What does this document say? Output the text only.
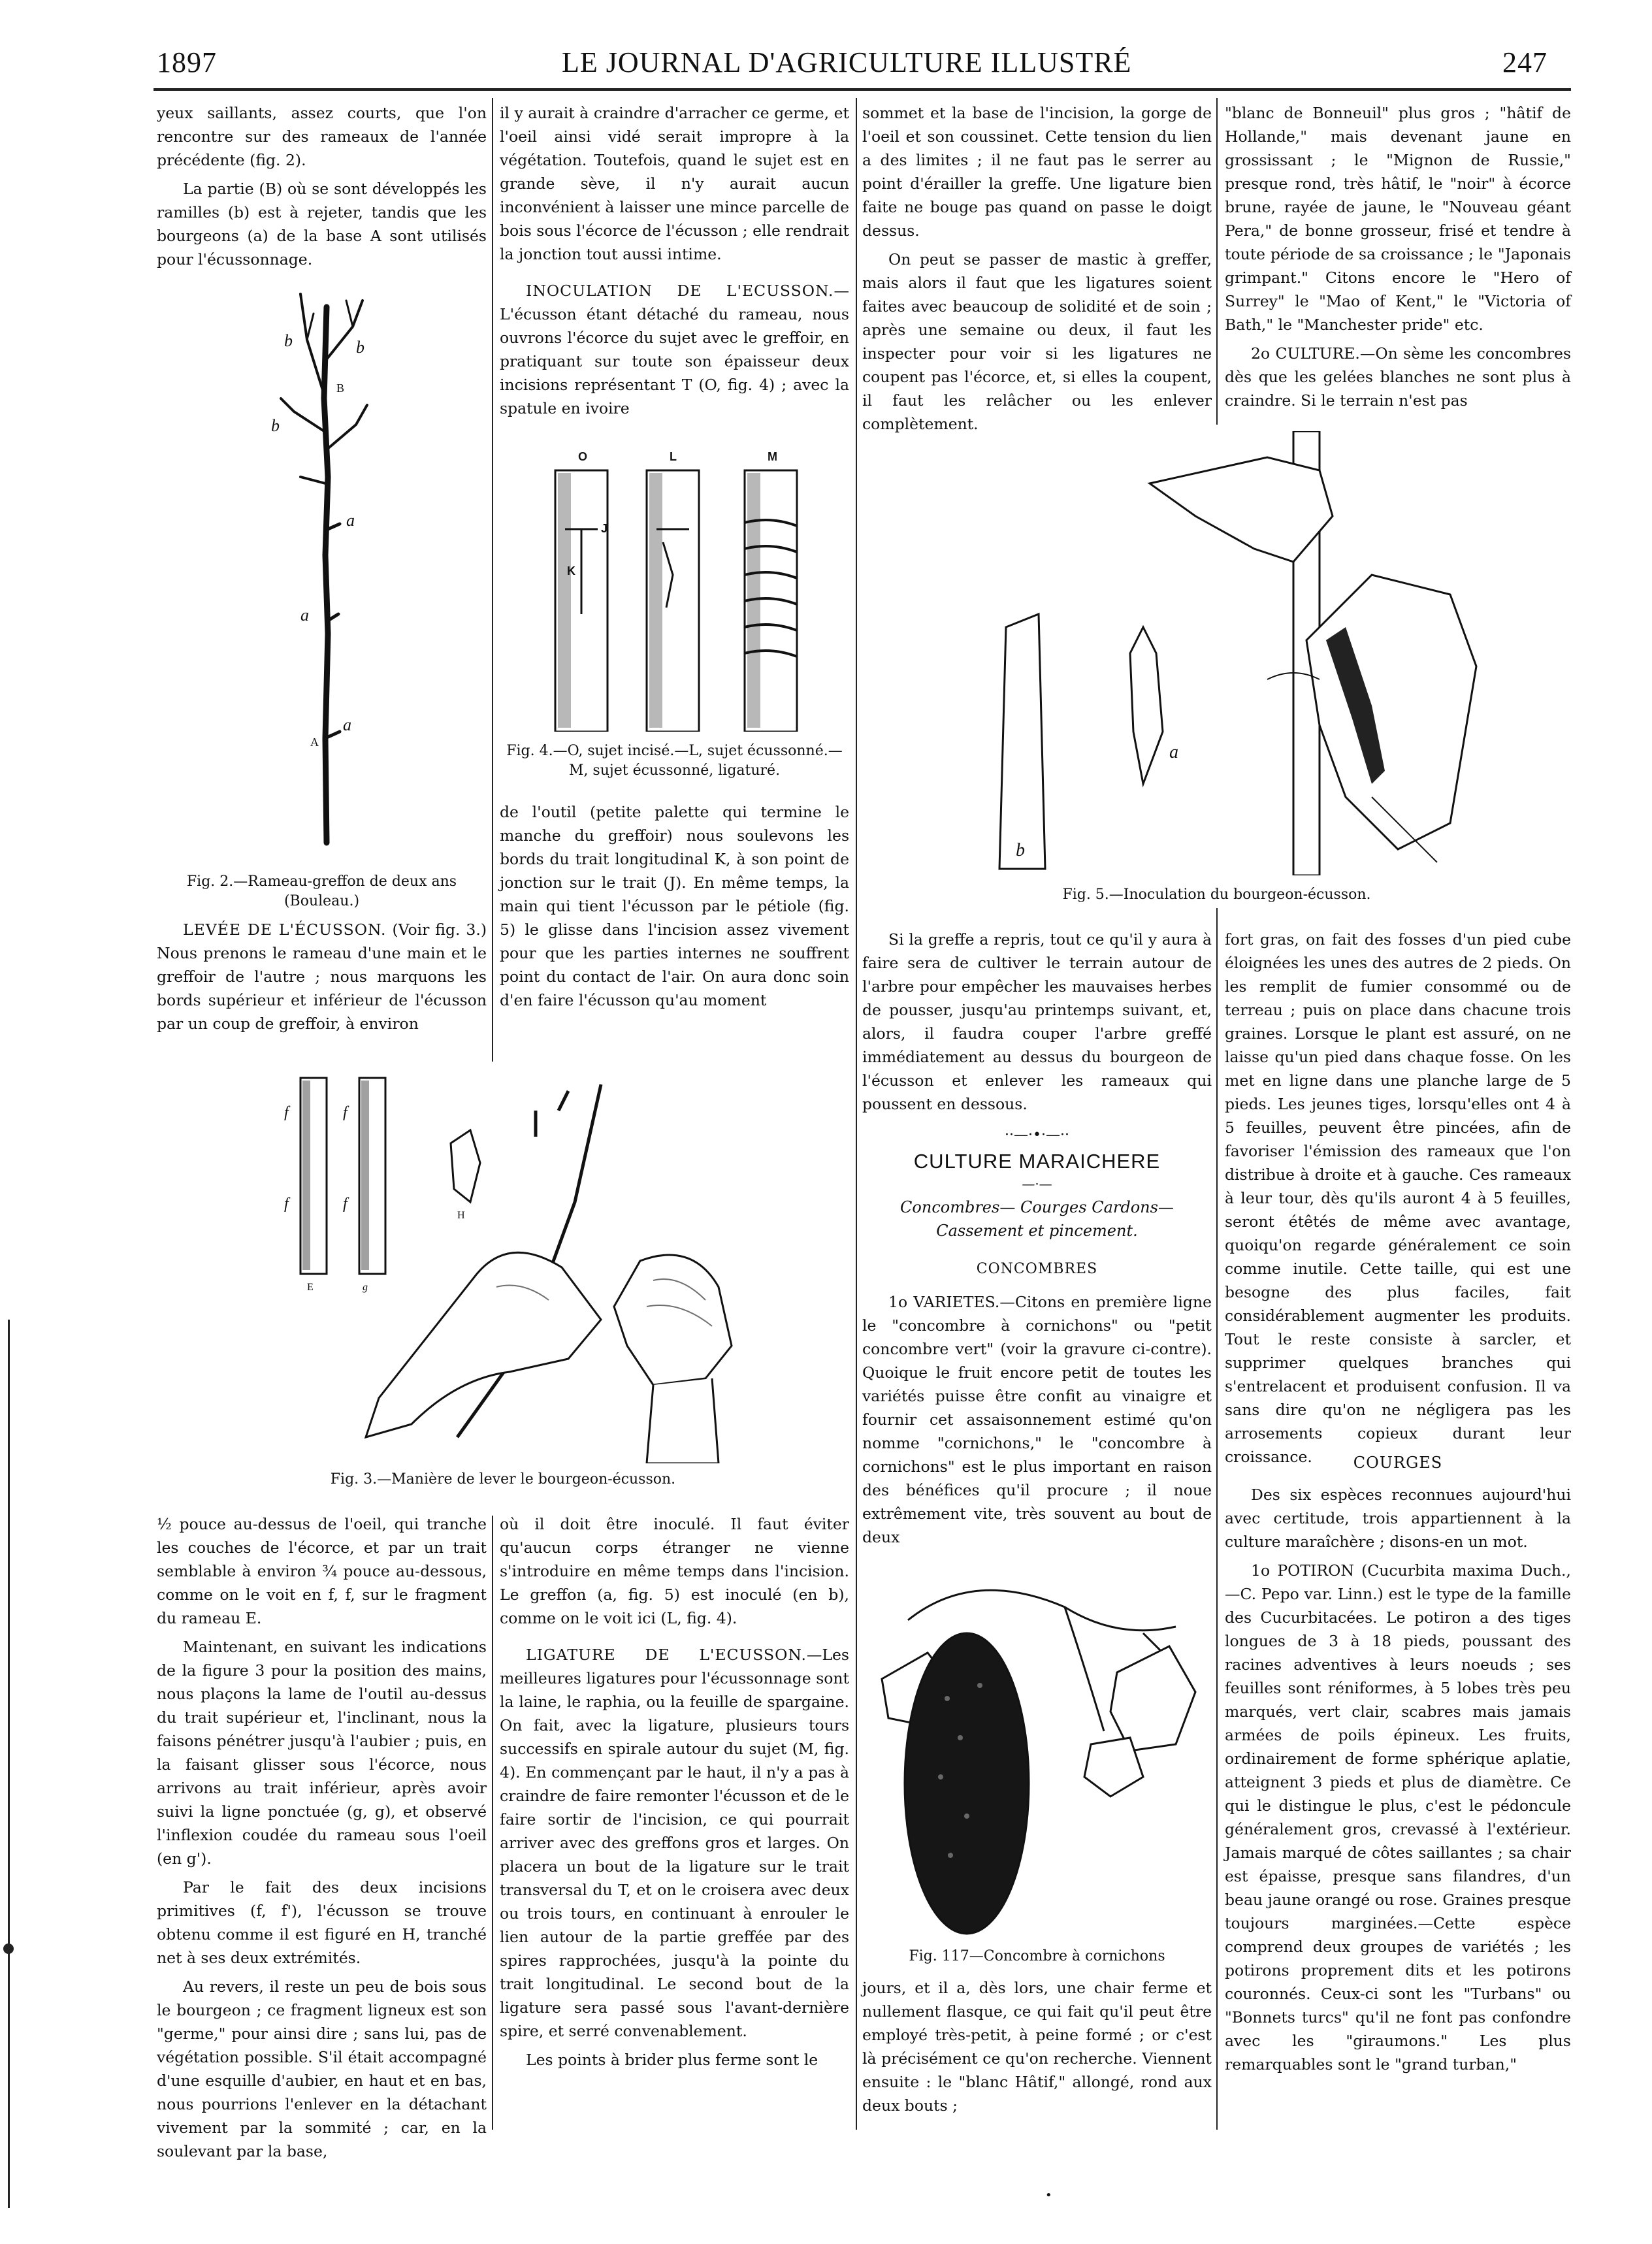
1897	LE JOURNAL D'AGRICULTURE ILLUSTRÉ	247

yeux saillants, assez courts, que l'on rencontre sur des rameaux de l'année précédente (fig. 2).

La partie (B) où se sont développés les ramilles (b) est à rejeter, tandis que les bourgeons (a) de la base A sont utilisés pour l'écussonnage.

b	b
b
B
a
a
A
a
Fig. 2.—Rameau-greffon de deux ans (Bouleau.)

LEVÉE DE L'ÉCUSSON. (Voir fig. 3.) Nous prenons le rameau d'une main et le greffoir de l'autre ; nous marquons les bords supérieur et inférieur de l'écusson par un coup de greffoir, à environ

il y aurait à craindre d'arracher ce germe, et l'oeil ainsi vidé serait impropre à la végétation. Toutefois, quand le sujet est en grande sève, il n'y aurait aucun inconvénient à laisser une mince parcelle de bois sous l'écorce de l'écusson ; elle rendrait la jonction tout aussi intime.

INOCULATION DE L'ECUSSON.—L'écusson étant détaché du rameau, nous ouvrons l'écorce du sujet avec le greffoir, en pratiquant sur toute son épaisseur deux incisions représentant T (O, fig. 4) ; avec la spatule en ivoire

O	L	M
J
K
Fig. 4.—O, sujet incisé.—L, sujet écussonné.—M, sujet écussonné, ligaturé.

de l'outil (petite palette qui termine le manche du greffoir) nous soulevons les bords du trait longitudinal K, à son point de jonction sur le trait (J). En même temps, la main qui tient l'écusson par le pétiole (fig. 5) le glisse dans l'incision assez vivement pour que les parties internes ne souffrent point du contact de l'air. On aura donc soin d'en faire l'écusson qu'au moment

f	f
f	f
E
H
g
Fig. 3.—Manière de lever le bourgeon-écusson.

½ pouce au-dessus de l'oeil, qui tranche les couches de l'écorce, et par un trait semblable à environ ¾ pouce au-dessous, comme on le voit en f, f, sur le fragment du rameau E.

Maintenant, en suivant les indications de la figure 3 pour la position des mains, nous plaçons la lame de l'outil au-dessus du trait supérieur et, l'inclinant, nous la faisons pénétrer jusqu'à l'aubier ; puis, en la faisant glisser sous l'écorce, nous arrivons au trait inférieur, après avoir suivi la ligne ponctuée (g, g), et observé l'inflexion coudée du rameau sous l'oeil (en g').

Par le fait des deux incisions primitives (f, f'), l'écusson se trouve obtenu comme il est figuré en H, tranché net à ses deux extrémités.

Au revers, il reste un peu de bois sous le bourgeon ; ce fragment ligneux est son "germe," pour ainsi dire ; sans lui, pas de végétation possible. S'il était accompagné d'une esquille d'aubier, en haut et en bas, nous pourrions l'enlever en la détachant vivement par la sommité ; car, en la soulevant par la base,

où il doit être inoculé. Il faut éviter qu'aucun corps étranger ne vienne s'introduire en même temps dans l'incision. Le greffon (a, fig. 5) est inoculé (en b), comme on le voit ici (L, fig. 4).

LIGATURE DE L'ECUSSON.—Les meilleures ligatures pour l'écussonnage sont la laine, le raphia, ou la feuille de spargaine. On fait, avec la ligature, plusieurs tours successifs en spirale autour du sujet (M, fig. 4). En commençant par le haut, il n'y a pas à craindre de faire remonter l'écusson et de le faire sortir de l'incision, ce qui pourrait arriver avec des greffons gros et larges. On placera un bout de la ligature sur le trait transversal du T, et on le croisera avec deux ou trois tours, en continuant à enrouler le lien autour de la partie greffée par des spires rapprochées, jusqu'à la pointe du trait longitudinal. Le second bout de la ligature sera passé sous l'avant-dernière spire, et serré convenablement.

Les points à brider plus ferme sont le

sommet et la base de l'incision, la gorge de l'oeil et son coussinet. Cette tension du lien a des limites ; il ne faut pas le serrer au point d'érailler la greffe. Une ligature bien faite ne bouge pas quand on passe le doigt dessus.

On peut se passer de mastic à greffer, mais alors il faut que les ligatures soient faites avec beaucoup de solidité et de soin ; après une semaine ou deux, il faut les inspecter pour voir si les ligatures ne coupent pas l'écorce, et, si elles la coupent, il faut les relâcher ou les enlever complètement.

"blanc de Bonneuil" plus gros ; "hâtif de Hollande," mais devenant jaune en grossissant ; le "Mignon de Russie," presque rond, très hâtif, le "noir" à écorce brune, rayée de jaune, le "Nouveau géant Pera," de bonne grosseur, frisé et tendre à toute période de sa croissance ; le "Japonais grimpant." Citons encore le "Hero of Surrey" le "Mao of Kent," le "Victoria of Bath," le "Manchester pride" etc.

2o CULTURE.—On sème les concombres dès que les gelées blanches ne sont plus à craindre. Si le terrain n'est pas

a
b
Fig. 5.—Inoculation du bourgeon-écusson.

Si la greffe a repris, tout ce qu'il y aura à faire sera de cultiver le terrain autour de l'arbre pour empêcher les mauvaises herbes de pousser, jusqu'au printemps suivant, et, alors, il faudra couper l'arbre greffé immédiatement au dessus du bourgeon de l'écusson et enlever les rameaux qui poussent en dessous.

··—·•·—··
CULTURE MARAICHERE
—·—
Concombres— Courges Cardons— Cassement et pincement.
CONCOMBRES

1o VARIETES.—Citons en première ligne le "concombre à cornichons" ou "petit concombre vert" (voir la gravure ci-contre). Quoique le fruit encore petit de toutes les variétés puisse être confit au vinaigre et fournir cet assaisonnement estimé qu'on nomme "cornichons," le "concombre à cornichons" est le plus important en raison des bénéfices qu'il procure ; il noue extrêmement vite, très souvent au bout de deux

Fig. 117—Concombre à cornichons

jours, et il a, dès lors, une chair ferme et nullement flasque, ce qui fait qu'il peut être employé très-petit, à peine formé ; or c'est là précisément ce qu'on recherche. Viennent ensuite : le "blanc Hâtif," allongé, rond aux deux bouts ;

fort gras, on fait des fosses d'un pied cube éloignées les unes des autres de 2 pieds. On les remplit de fumier consommé ou de terreau ; puis on place dans chacune trois graines. Lorsque le plant est assuré, on ne laisse qu'un pied dans chaque fosse. On les met en ligne dans une planche large de 5 pieds. Les jeunes tiges, lorsqu'elles ont 4 à 5 feuilles, peuvent être pincées, afin de favoriser l'émission des rameaux que l'on distribue à droite et à gauche. Ces rameaux à leur tour, dès qu'ils auront 4 à 5 feuilles, seront étêtés de même avec avantage, quoiqu'on regarde généralement ce soin comme inutile. Cette taille, qui est une besogne des plus faciles, fait considérablement augmenter les produits. Tout le reste consiste à sarcler, et supprimer quelques branches qui s'entrelacent et produisent confusion. Il va sans dire qu'on ne négligera pas les arrosements copieux durant leur croissance.	COURGES

Des six espèces reconnues aujourd'hui avec certitude, trois appartiennent à la culture maraîchère ; disons-en un mot.

1o POTIRON (Cucurbita maxima Duch.,—C. Pepo var. Linn.) est le type de la famille des Cucurbitacées. Le potiron a des tiges longues de 3 à 18 pieds, poussant des racines adventives à leurs noeuds ; ses feuilles sont réniformes, à 5 lobes très peu marqués, vert clair, scabres mais jamais armées de poils épineux. Les fruits, ordinairement de forme sphérique aplatie, atteignent 3 pieds et plus de diamètre. Ce qui le distingue le plus, c'est le pédoncule généralement gros, crevassé à l'extérieur. Jamais marqué de côtes saillantes ; sa chair est épaisse, presque sans filandres, d'un beau jaune orangé ou rose. Graines presque toujours marginées.—Cette espèce comprend deux groupes de variétés ; les potirons proprement dits et les potirons couronnés. Ceux-ci sont les "Turbans" ou "Bonnets turcs" qu'il ne font pas confondre avec les "giraumons." Les plus remarquables sont le "grand turban,"

•
